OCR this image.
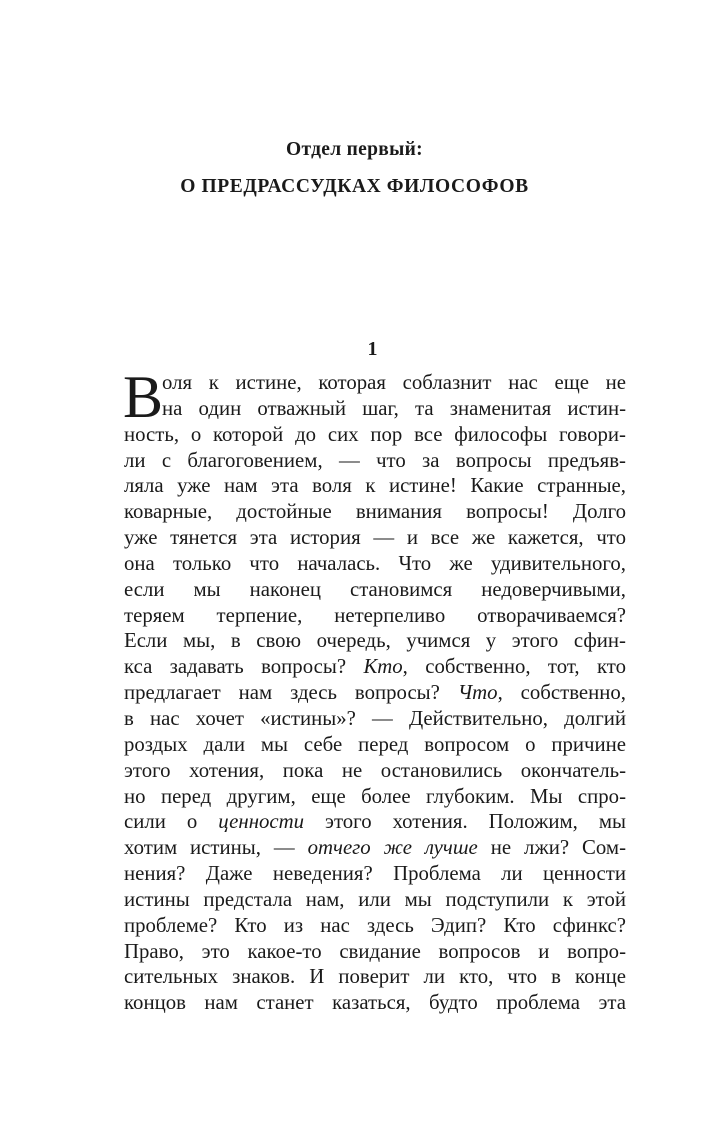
Отдел первый:
О ПРЕДРАССУДКАХ ФИЛОСОФОВ
1
В
оля к истине, которая соблазнит нас еще не
на один отважный шаг, та знаменитая истин-
ность, о которой до сих пор все философы говори-
ли с благоговением, — что за вопросы предъяв-
ляла уже нам эта воля к истине! Какие странные,
коварные, достойные внимания вопросы! Долго
уже тянется эта история — и все же кажется, что
она только что началась. Что же удивительного,
если мы наконец становимся недоверчивыми,
теряем терпение, нетерпеливо отворачиваемся?
Если мы, в свою очередь, учимся у этого сфин-
кса задавать вопросы? Кто, собственно, тот, кто
предлагает нам здесь вопросы? Что, собственно,
в нас хочет «истины»? — Действительно, долгий
роздых дали мы себе перед вопросом о причине
этого хотения, пока не остановились окончатель-
но перед другим, еще более глубоким. Мы спро-
сили о ценности этого хотения. Положим, мы
хотим истины, — отчего же лучше не лжи? Сом-
нения? Даже неведения? Проблема ли ценности
истины предстала нам, или мы подступили к этой
проблеме? Кто из нас здесь Эдип? Кто сфинкс?
Право, это какое-то свидание вопросов и вопро-
сительных знаков. И поверит ли кто, что в конце
концов нам станет казаться, будто проблема эта
